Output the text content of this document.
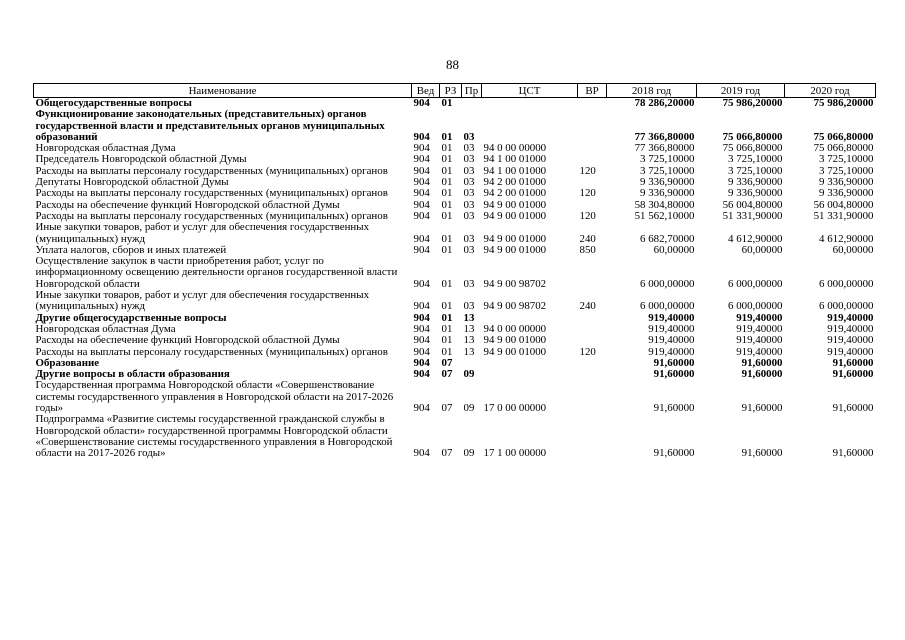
88
Наименование	Вед	РЗ	Пр	ЦСТ	ВР	2018 год	2019 год	2020 год
Общегосударственные вопросы	904	01				78 286,20000	75 986,20000	75 986,20000
Функционирование законодательных (представительных) органов государственной власти и представительных органов муниципальных образований	904	01	03			77 366,80000	75 066,80000	75 066,80000
Новгородская областная Дума	904	01	03	94 0 00 00000		77 366,80000	75 066,80000	75 066,80000
Председатель Новгородской областной Думы	904	01	03	94 1 00 01000		3 725,10000	3 725,10000	3 725,10000
Расходы на выплаты персоналу государственных (муниципальных) органов	904	01	03	94 1 00 01000	120	3 725,10000	3 725,10000	3 725,10000
Депутаты Новгородской областной Думы	904	01	03	94 2 00 01000		9 336,90000	9 336,90000	9 336,90000
Расходы на выплаты персоналу государственных (муниципальных) органов	904	01	03	94 2 00 01000	120	9 336,90000	9 336,90000	9 336,90000
Расходы на обеспечение функций Новгородской областной Думы	904	01	03	94 9 00 01000		58 304,80000	56 004,80000	56 004,80000
Расходы на выплаты персоналу государственных (муниципальных) органов	904	01	03	94 9 00 01000	120	51 562,10000	51 331,90000	51 331,90000
Иные закупки товаров, работ и услуг для обеспечения государственных (муниципальных) нужд	904	01	03	94 9 00 01000	240	6 682,70000	4 612,90000	4 612,90000
Уплата налогов, сборов и иных платежей	904	01	03	94 9 00 01000	850	60,00000	60,00000	60,00000
Осуществление закупок в части приобретения работ, услуг по информационному освещению деятельности органов государственной власти Новгородской области	904	01	03	94 9 00 98702		6 000,00000	6 000,00000	6 000,00000
Иные закупки товаров, работ и услуг для обеспечения государственных (муниципальных) нужд	904	01	03	94 9 00 98702	240	6 000,00000	6 000,00000	6 000,00000
Другие общегосударственные вопросы	904	01	13			919,40000	919,40000	919,40000
Новгородская областная Дума	904	01	13	94 0 00 00000		919,40000	919,40000	919,40000
Расходы на обеспечение функций Новгородской областной Думы	904	01	13	94 9 00 01000		919,40000	919,40000	919,40000
Расходы на выплаты персоналу государственных (муниципальных) органов	904	01	13	94 9 00 01000	120	919,40000	919,40000	919,40000
Образование	904	07				91,60000	91,60000	91,60000
Другие вопросы в области образования	904	07	09			91,60000	91,60000	91,60000
Государственная программа Новгородской области «Совершенствование системы государственного управления в Новгородской области на 2017-2026 годы»	904	07	09	17 0 00 00000		91,60000	91,60000	91,60000
Подпрограмма «Развитие системы государственной гражданской службы в Новгородской области» государственной программы Новгородской области «Совершенствование системы государственного управления в Новгородской области на 2017-2026 годы»	904	07	09	17 1 00 00000		91,60000	91,60000	91,60000
